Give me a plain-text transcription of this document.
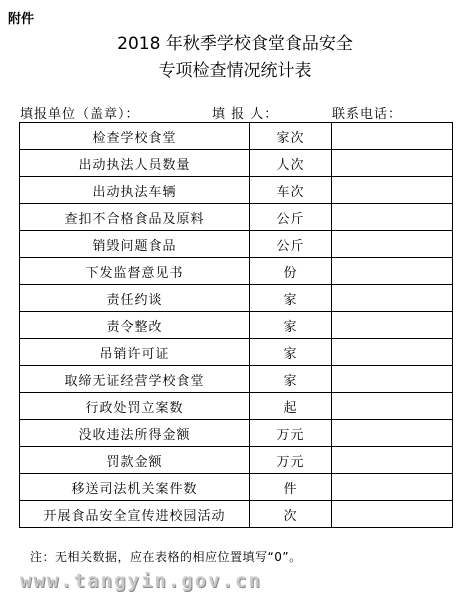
附件
2018 年秋季学校食堂食品安全
专项检查情况统计表
填报单位（盖章）：	填 报 人：	联系电话：
检查学校食堂	家次	
出动执法人员数量	人次	
出动执法车辆	车次	
查扣不合格食品及原料	公斤	
销毁问题食品	公斤	
下发监督意见书	份	
责任约谈	家	
责令整改	家	
吊销许可证	家	
取缔无证经营学校食堂	家	
行政处罚立案数	起	
没收违法所得金额	万元	
罚款金额	万元	
移送司法机关案件数	件	
开展食品安全宣传进校园活动	次	
注：无相关数据，应在表格的相应位置填写“0”。
www.tangyin.gov.cn
